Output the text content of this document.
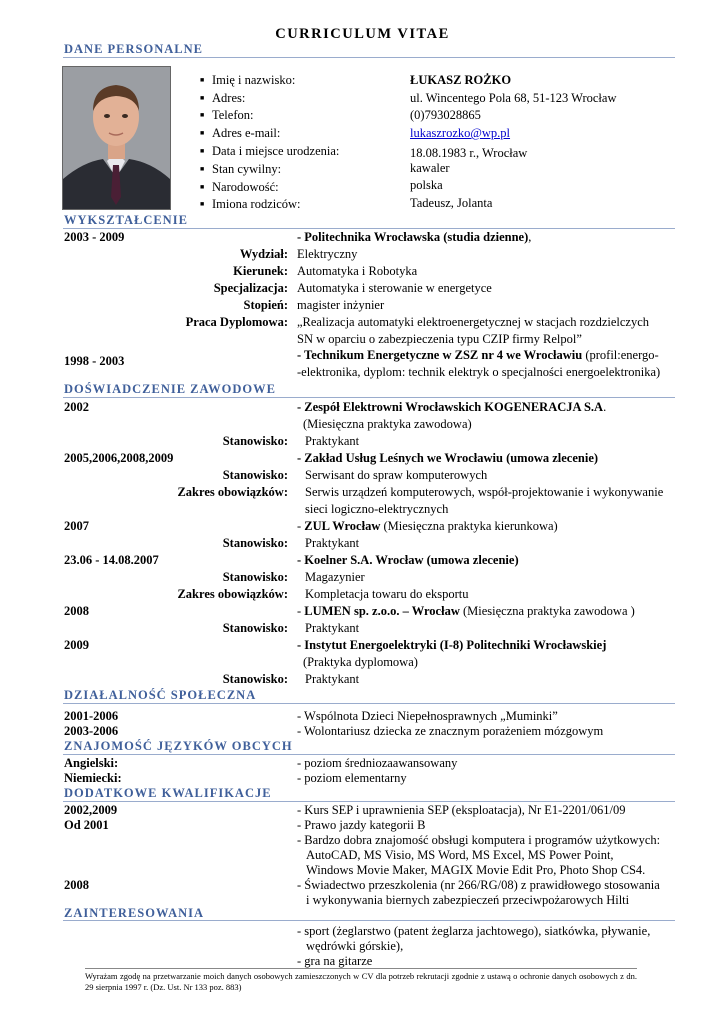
CURRICULUM VITAE
DANE PERSONALNE
■ Imię i nazwisko:	ŁUKASZ ROŻKO
■ Adres:	ul. Wincentego Pola 68, 51-123 Wrocław
■ Telefon:	(0)793028865
■ Adres e-mail:	lukaszrozko@wp.pl
■ Data i miejsce urodzenia:	18.08.1983 r., Wrocław
■ Stan cywilny:	kawaler
■ Narodowość:	polska
■ Imiona rodziców:	Tadeusz, Jolanta
WYKSZTAŁCENIE
2003 - 2009	- Politechnika Wrocławska (studia dzienne),
Wydział: Elektryczny
Kierunek: Automatyka i Robotyka
Specjalizacja: Automatyka i sterowanie w energetyce
Stopień: magister inżynier
Praca Dyplomowa: „Realizacja automatyki elektroenergetycznej w stacjach rozdzielczych
SN w oparciu o zabezpieczenia typu CZIP firmy Relpol”
1998 - 2003	- Technikum Energetyczne w ZSZ nr 4 we Wrocławiu (profil:energo-
-elektronika, dyplom: technik elektryk o specjalności energoelektronika)
DOŚWIADCZENIE ZAWODOWE
2002	- Zespół Elektrowni Wrocławskich KOGENERACJA S.A.
(Miesięczna praktyka zawodowa)
Stanowisko: Praktykant
2005,2006,2008,2009	- Zakład Usług Leśnych we Wrocławiu (umowa zlecenie)
Stanowisko: Serwisant do spraw komputerowych
Zakres obowiązków: Serwis urządzeń komputerowych, współ-projektowanie i wykonywanie
sieci logiczno-elektrycznych
2007	- ZUL Wrocław (Miesięczna praktyka kierunkowa)
Stanowisko: Praktykant
23.06 - 14.08.2007	- Koelner S.A. Wrocław (umowa zlecenie)
Stanowisko: Magazynier
Zakres obowiązków: Kompletacja towaru do eksportu
2008	- LUMEN sp. z.o.o. – Wrocław (Miesięczna praktyka zawodowa )
Stanowisko: Praktykant
2009	- Instytut Energoelektryki (I-8) Politechniki Wrocławskiej
(Praktyka dyplomowa)
Stanowisko: Praktykant
DZIAŁALNOŚĆ SPOŁECZNA
2001-2006	- Wspólnota Dzieci Niepełnosprawnych „Muminki”
2003-2006	- Wolontariusz dziecka ze znacznym porażeniem mózgowym
ZNAJOMOŚĆ JĘZYKÓW OBCYCH
Angielski:	- poziom średniozaawansowany
Niemiecki:	- poziom elementarny
DODATKOWE KWALIFIKACJE
2002,2009	- Kurs SEP i uprawnienia SEP (eksploatacja), Nr E1-2201/061/09
Od 2001	- Prawo jazdy kategorii B
- Bardzo dobra znajomość obsługi komputera i programów użytkowych:
AutoCAD, MS Visio, MS Word, MS Excel, MS Power Point,
Windows Movie Maker, MAGIX Movie Edit Pro, Photo Shop CS4.
2008	- Świadectwo przeszkolenia (nr 266/RG/08) z prawidłowego stosowania
i wykonywania biernych zabezpieczeń przeciwpożarowych Hilti
ZAINTERESOWANIA
- sport (żeglarstwo (patent żeglarza jachtowego), siatkówka, pływanie,
wędrówki górskie),
- gra na gitarze
Wyrażam zgodę na przetwarzanie moich danych osobowych zamieszczonych w CV dla potrzeb rekrutacji zgodnie z ustawą o ochronie danych osobowych z dn. 29 sierpnia 1997 r. (Dz. Ust. Nr 133 poz. 883)
